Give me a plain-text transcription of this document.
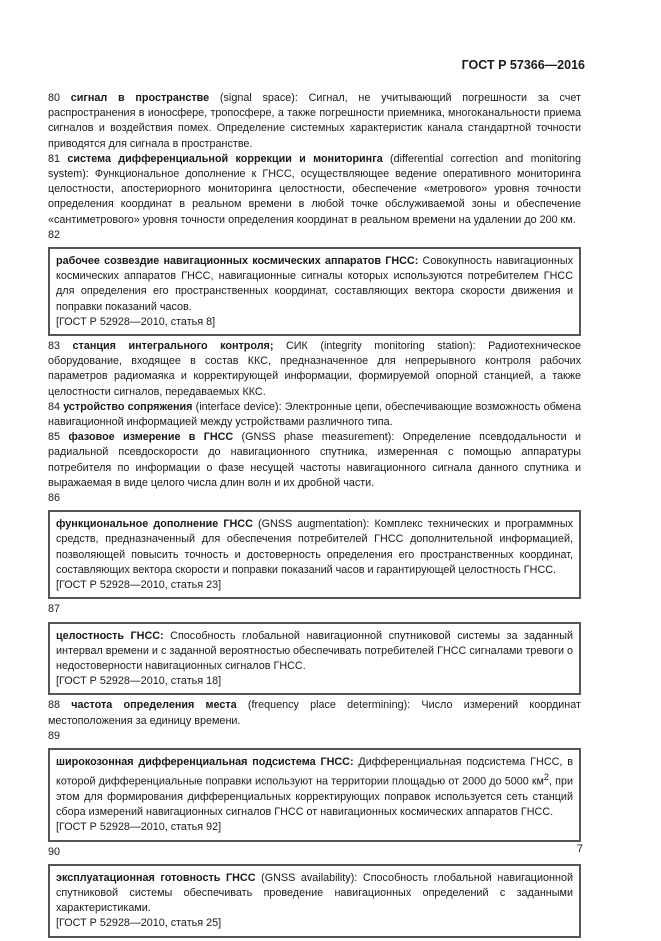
ГОСТ Р 57366—2016

80 сигнал в пространстве (signal space): Сигнал, не учитывающий погрешности за счет распространения в ионосфере, тропосфере, а также погрешности приемника, многоканальности приема сигналов и воздействия помех. Определение системных характеристик канала стандартной точности приводятся для сигнала в пространстве.

81 система дифференциальной коррекции и мониторинга (differential correction and monitoring system): Функциональное дополнение к ГНСС, осуществляющее ведение оперативного мониторинга целостности, апостериорного мониторинга целостности, обеспечение «метрового» уровня точности определения координат в реальном времени в любой точке обслуживаемой зоны и обеспечение «сантиметрового» уровня точности определения координат в реальном времени на удалении до 200 км.

82

рабочее созвездие навигационных космических аппаратов ГНСС: Совокупность навигационных космических аппаратов ГНСС, навигационные сигналы которых используются потребителем ГНСС для определения его пространственных координат, составляющих вектора скорости движения и поправки показаний часов.
[ГОСТ Р 52928—2010, статья 8]

83 станция интегрального контроля; СИК (integrity monitoring station): Радиотехническое оборудование, входящее в состав ККС, предназначенное для непрерывного контроля рабочих параметров радиомаяка и корректирующей информации, формируемой опорной станцией, а также целостности сигналов, передаваемых ККС.

84 устройство сопряжения (interface device): Электронные цепи, обеспечивающие возможность обмена навигационной информацией между устройствами различного типа.

85 фазовое измерение в ГНСС (GNSS phase measurement): Определение псевдодальности и радиальной псевдоскорости до навигационного спутника, измеренная с помощью аппаратуры потребителя по информации о фазе несущей частоты навигационного сигнала данного спутника и выражаемая в виде целого числа длин волн и их дробной части.

86

функциональное дополнение ГНСС (GNSS augmentation): Комплекс технических и программных средств, предназначенный для обеспечения потребителей ГНСС дополнительной информацией, позволяющей повысить точность и достоверность определения его пространственных координат, составляющих вектора скорости и поправки показаний часов и гарантирующей целостность ГНСС.
[ГОСТ Р 52928—2010, статья 23]

87

целостность ГНСС: Способность глобальной навигационной спутниковой системы за заданный интервал времени и с заданной вероятностью обеспечивать потребителей ГНСС сигналами тревоги о недостоверности навигационных сигналов ГНСС.
[ГОСТ Р 52928—2010, статья 18]

88 частота определения места (frequency place determining): Число измерений координат местоположения за единицу времени.

89

широкозонная дифференциальная подсистема ГНСС: Дифференциальная подсистема ГНСС, в которой дифференциальные поправки используют на территории площадью от 2000 до 5000 $км^2$, при этом для формирования дифференциальных корректирующих поправок используется сеть станций сбора измерений навигационных сигналов ГНСС от навигационных космических аппаратов ГНСС.
[ГОСТ Р 52928—2010, статья 92]

90

эксплуатационная готовность ГНСС (GNSS availability): Способность глобальной навигационной спутниковой системы обеспечивать проведение навигационных определений с заданными характеристиками.
[ГОСТ Р 52928—2010, статья 25]
7
